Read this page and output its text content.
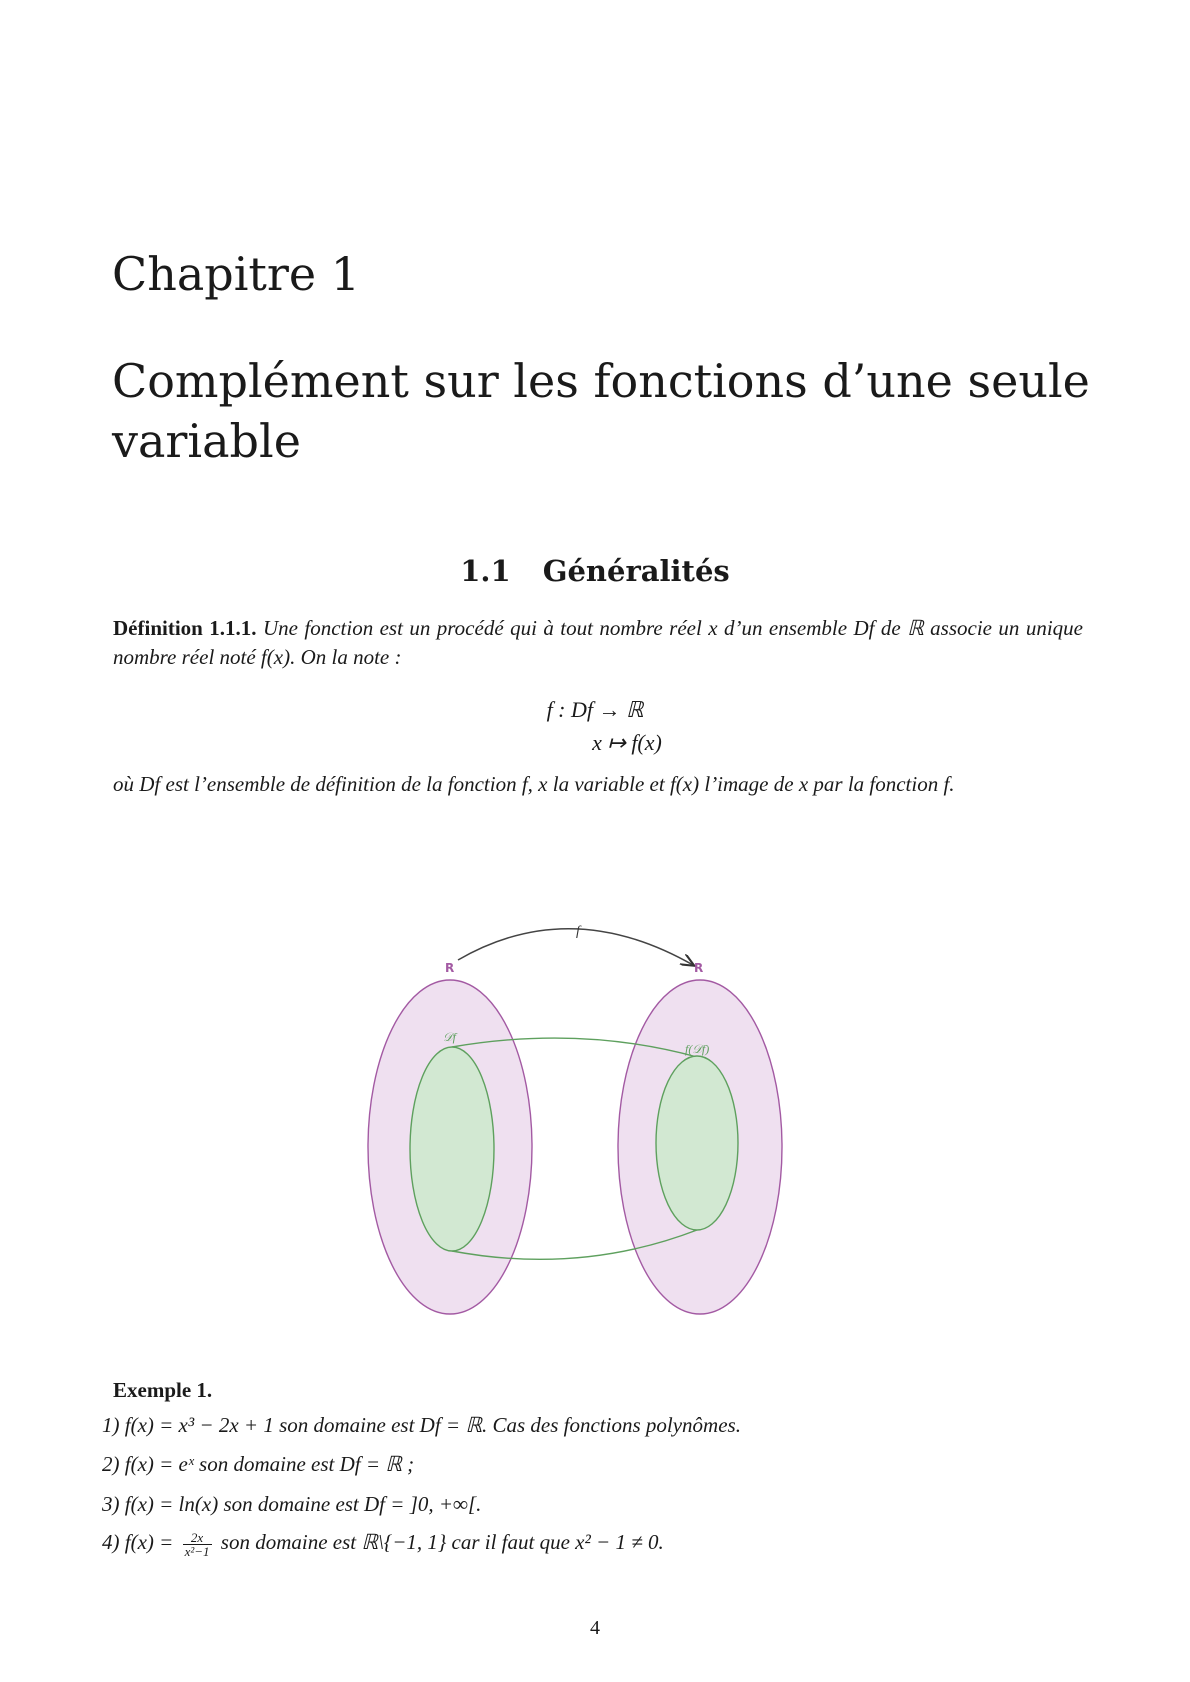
Chapitre 1
Complément sur les fonctions d’une seule variable
1.1 Généralités
Définition 1.1.1. Une fonction est un procédé qui à tout nombre réel x d’un ensemble Df de ℝ associe un unique nombre réel noté f(x). On la note :
f : Df → ℝ
x ↦ f(x)
où Df est l’ensemble de définition de la fonction f, x la variable et f(x) l’image de x par la fonction f.
f
R	R
𝒟f
f(𝒟f)
Exemple 1.
1) f(x) = x³ − 2x + 1 son domaine est Df = ℝ. Cas des fonctions polynômes.
2) f(x) = eˣ son domaine est Df = ℝ ;
3) f(x) = ln(x) son domaine est Df = ]0, +∞[.
4) $f(x) = \frac{2x}{\text{x²−1}}$ son domaine est ℝ\{−1, 1} car il faut que x² − 1 ≠ 0.
4
